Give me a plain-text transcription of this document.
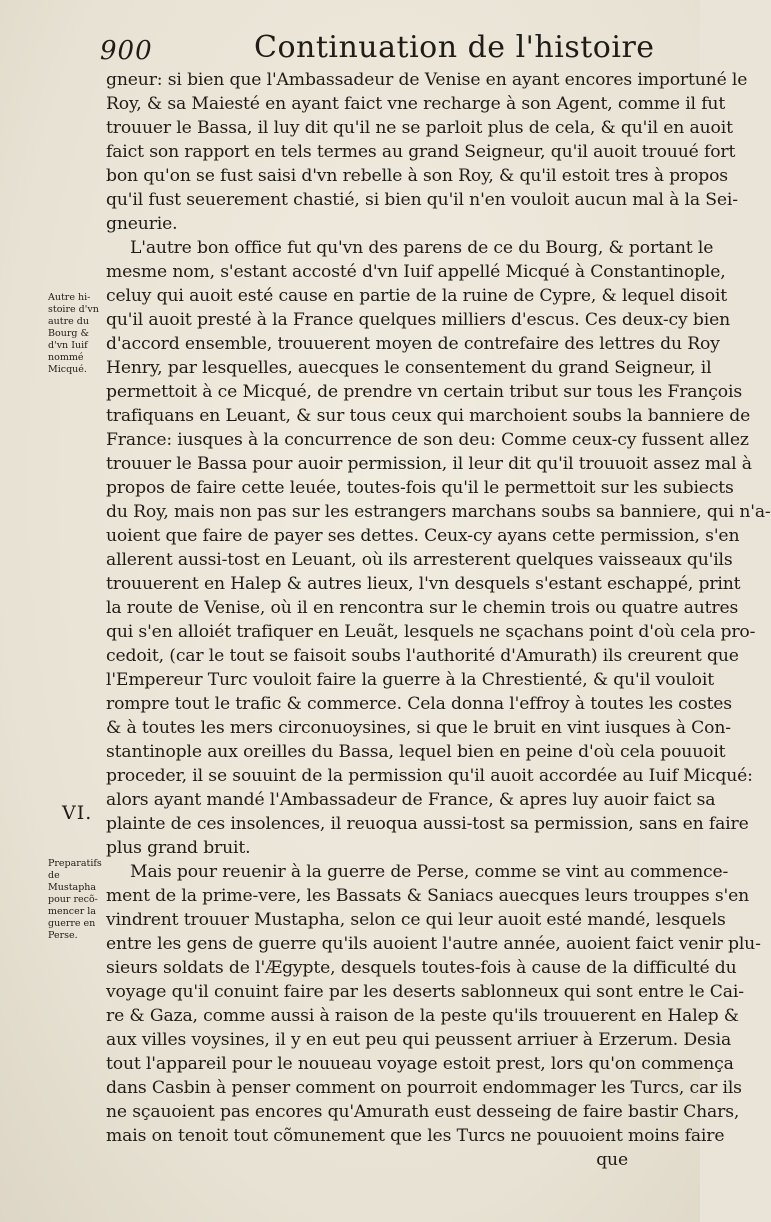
900	Continuation de l'histoire
Autre hi-
stoire d'vn
autre du
Bourg &
d'vn Iuif
nommé
Micqué.
VI.
Preparatifs
de Mustapha
pour recõ-
mencer la
guerre en
Perse.
gneur: si bien que l'Ambassadeur de Venise en ayant encores importuné le
Roy, & sa Maiesté en ayant faict vne recharge à son Agent, comme il fut
trouuer le Bassa, il luy dit qu'il ne se parloit plus de cela, & qu'il en auoit
faict son rapport en tels termes au grand Seigneur, qu'il auoit trouué fort
bon qu'on se fust saisi d'vn rebelle à son Roy, & qu'il estoit tres à propos
qu'il fust seuerement chastié, si bien qu'il n'en vouloit aucun mal à la Sei-
gneurie.
L'autre bon office fut qu'vn des parens de ce du Bourg, & portant le
mesme nom, s'estant accosté d'vn Iuif appellé Micqué à Constantinople,
celuy qui auoit esté cause en partie de la ruine de Cypre, & lequel disoit
qu'il auoit presté à la France quelques milliers d'escus. Ces deux-cy bien
d'accord ensemble, trouuerent moyen de contrefaire des lettres du Roy
Henry, par lesquelles, auecques le consentement du grand Seigneur, il
permettoit à ce Micqué, de prendre vn certain tribut sur tous les François
trafiquans en Leuant, & sur tous ceux qui marchoient soubs la banniere de
France: iusques à la concurrence de son deu: Comme ceux-cy fussent allez
trouuer le Bassa pour auoir permission, il leur dit qu'il trouuoit assez mal à
propos de faire cette leuée, toutes-fois qu'il le permettoit sur les subiects
du Roy, mais non pas sur les estrangers marchans soubs sa banniere, qui n'a-
uoient que faire de payer ses dettes. Ceux-cy ayans cette permission, s'en
allerent aussi-tost en Leuant, où ils arresterent quelques vaisseaux qu'ils
trouuerent en Halep & autres lieux, l'vn desquels s'estant eschappé, print
la route de Venise, où il en rencontra sur le chemin trois ou quatre autres
qui s'en alloiét trafiquer en Leuãt, lesquels ne sçachans point d'où cela pro-
cedoit, (car le tout se faisoit soubs l'authorité d'Amurath) ils creurent que
l'Empereur Turc vouloit faire la guerre à la Chrestienté, & qu'il vouloit
rompre tout le trafic & commerce. Cela donna l'effroy à toutes les costes
& à toutes les mers circonuoysines, si que le bruit en vint iusques à Con-
stantinople aux oreilles du Bassa, lequel bien en peine d'où cela pouuoit
proceder, il se souuint de la permission qu'il auoit accordée au Iuif Micqué:
alors ayant mandé l'Ambassadeur de France, & apres luy auoir faict sa
plainte de ces insolences, il reuoqua aussi-tost sa permission, sans en faire
plus grand bruit.
Mais pour reuenir à la guerre de Perse, comme se vint au commence-
ment de la prime-vere, les Bassats & Saniacs auecques leurs trouppes s'en
vindrent trouuer Mustapha, selon ce qui leur auoit esté mandé, lesquels
entre les gens de guerre qu'ils auoient l'autre année, auoient faict venir plu-
sieurs soldats de l'Ægypte, desquels toutes-fois à cause de la difficulté du
voyage qu'il conuint faire par les deserts sablonneux qui sont entre le Cai-
re & Gaza, comme aussi à raison de la peste qu'ils trouuerent en Halep &
aux villes voysines, il y en eut peu qui peussent arriuer à Erzerum. Desia
tout l'appareil pour le nouueau voyage estoit prest, lors qu'on commença
dans Casbin à penser comment on pourroit endommager les Turcs, car ils
ne sçauoient pas encores qu'Amurath eust desseing de faire bastir Chars,
mais on tenoit tout cõmunement que les Turcs ne pouuoient moins faire
que
